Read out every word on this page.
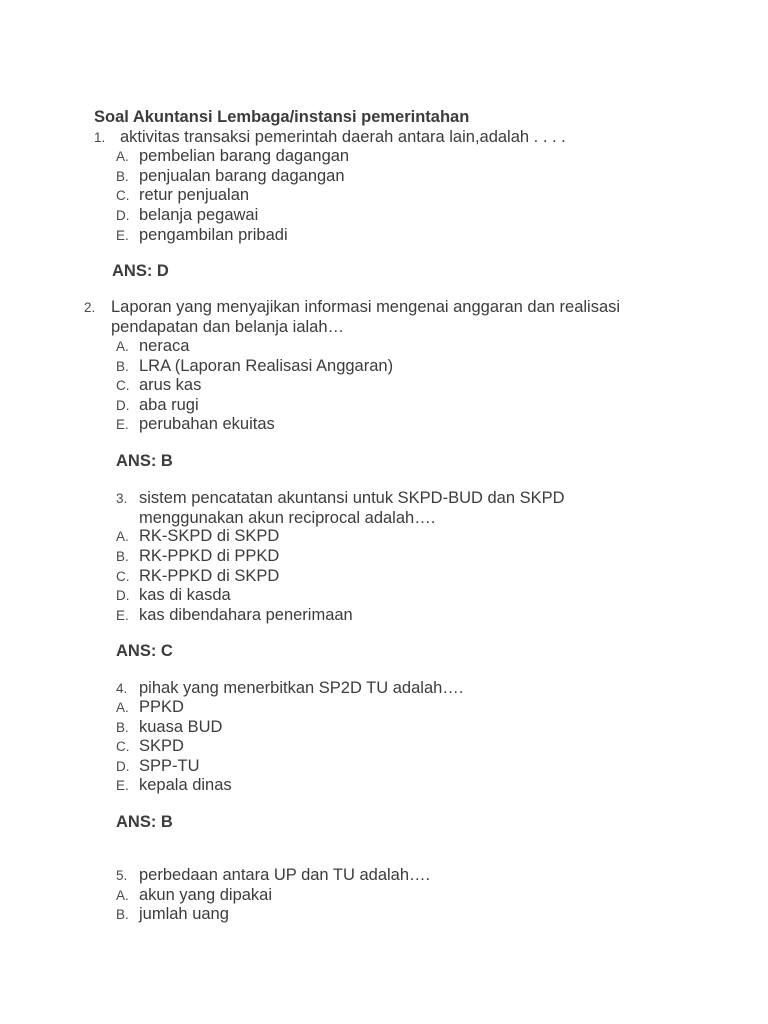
Soal Akuntansi Lembaga/instansi pemerintahan
1. aktivitas transaksi pemerintah daerah antara lain,adalah . . . .
A. pembelian barang dagangan
B. penjualan barang dagangan
C. retur penjualan
D. belanja pegawai
E. pengambilan pribadi
ANS: D
2. Laporan yang menyajikan informasi mengenai anggaran dan realisasi
pendapatan dan belanja ialah…
A. neraca
B. LRA (Laporan Realisasi Anggaran)
C. arus kas
D. aba rugi
E. perubahan ekuitas
ANS: B
3. sistem pencatatan akuntansi untuk SKPD-BUD dan SKPD
menggunakan akun reciprocal adalah….
A. RK-SKPD di SKPD
B. RK-PPKD di PPKD
C. RK-PPKD di SKPD
D. kas di kasda
E. kas dibendahara penerimaan
ANS: C
4. pihak yang menerbitkan SP2D TU adalah….
A. PPKD
B. kuasa BUD
C. SKPD
D. SPP-TU
E. kepala dinas
ANS: B
5. perbedaan antara UP dan TU adalah….
A. akun yang dipakai
B. jumlah uang
